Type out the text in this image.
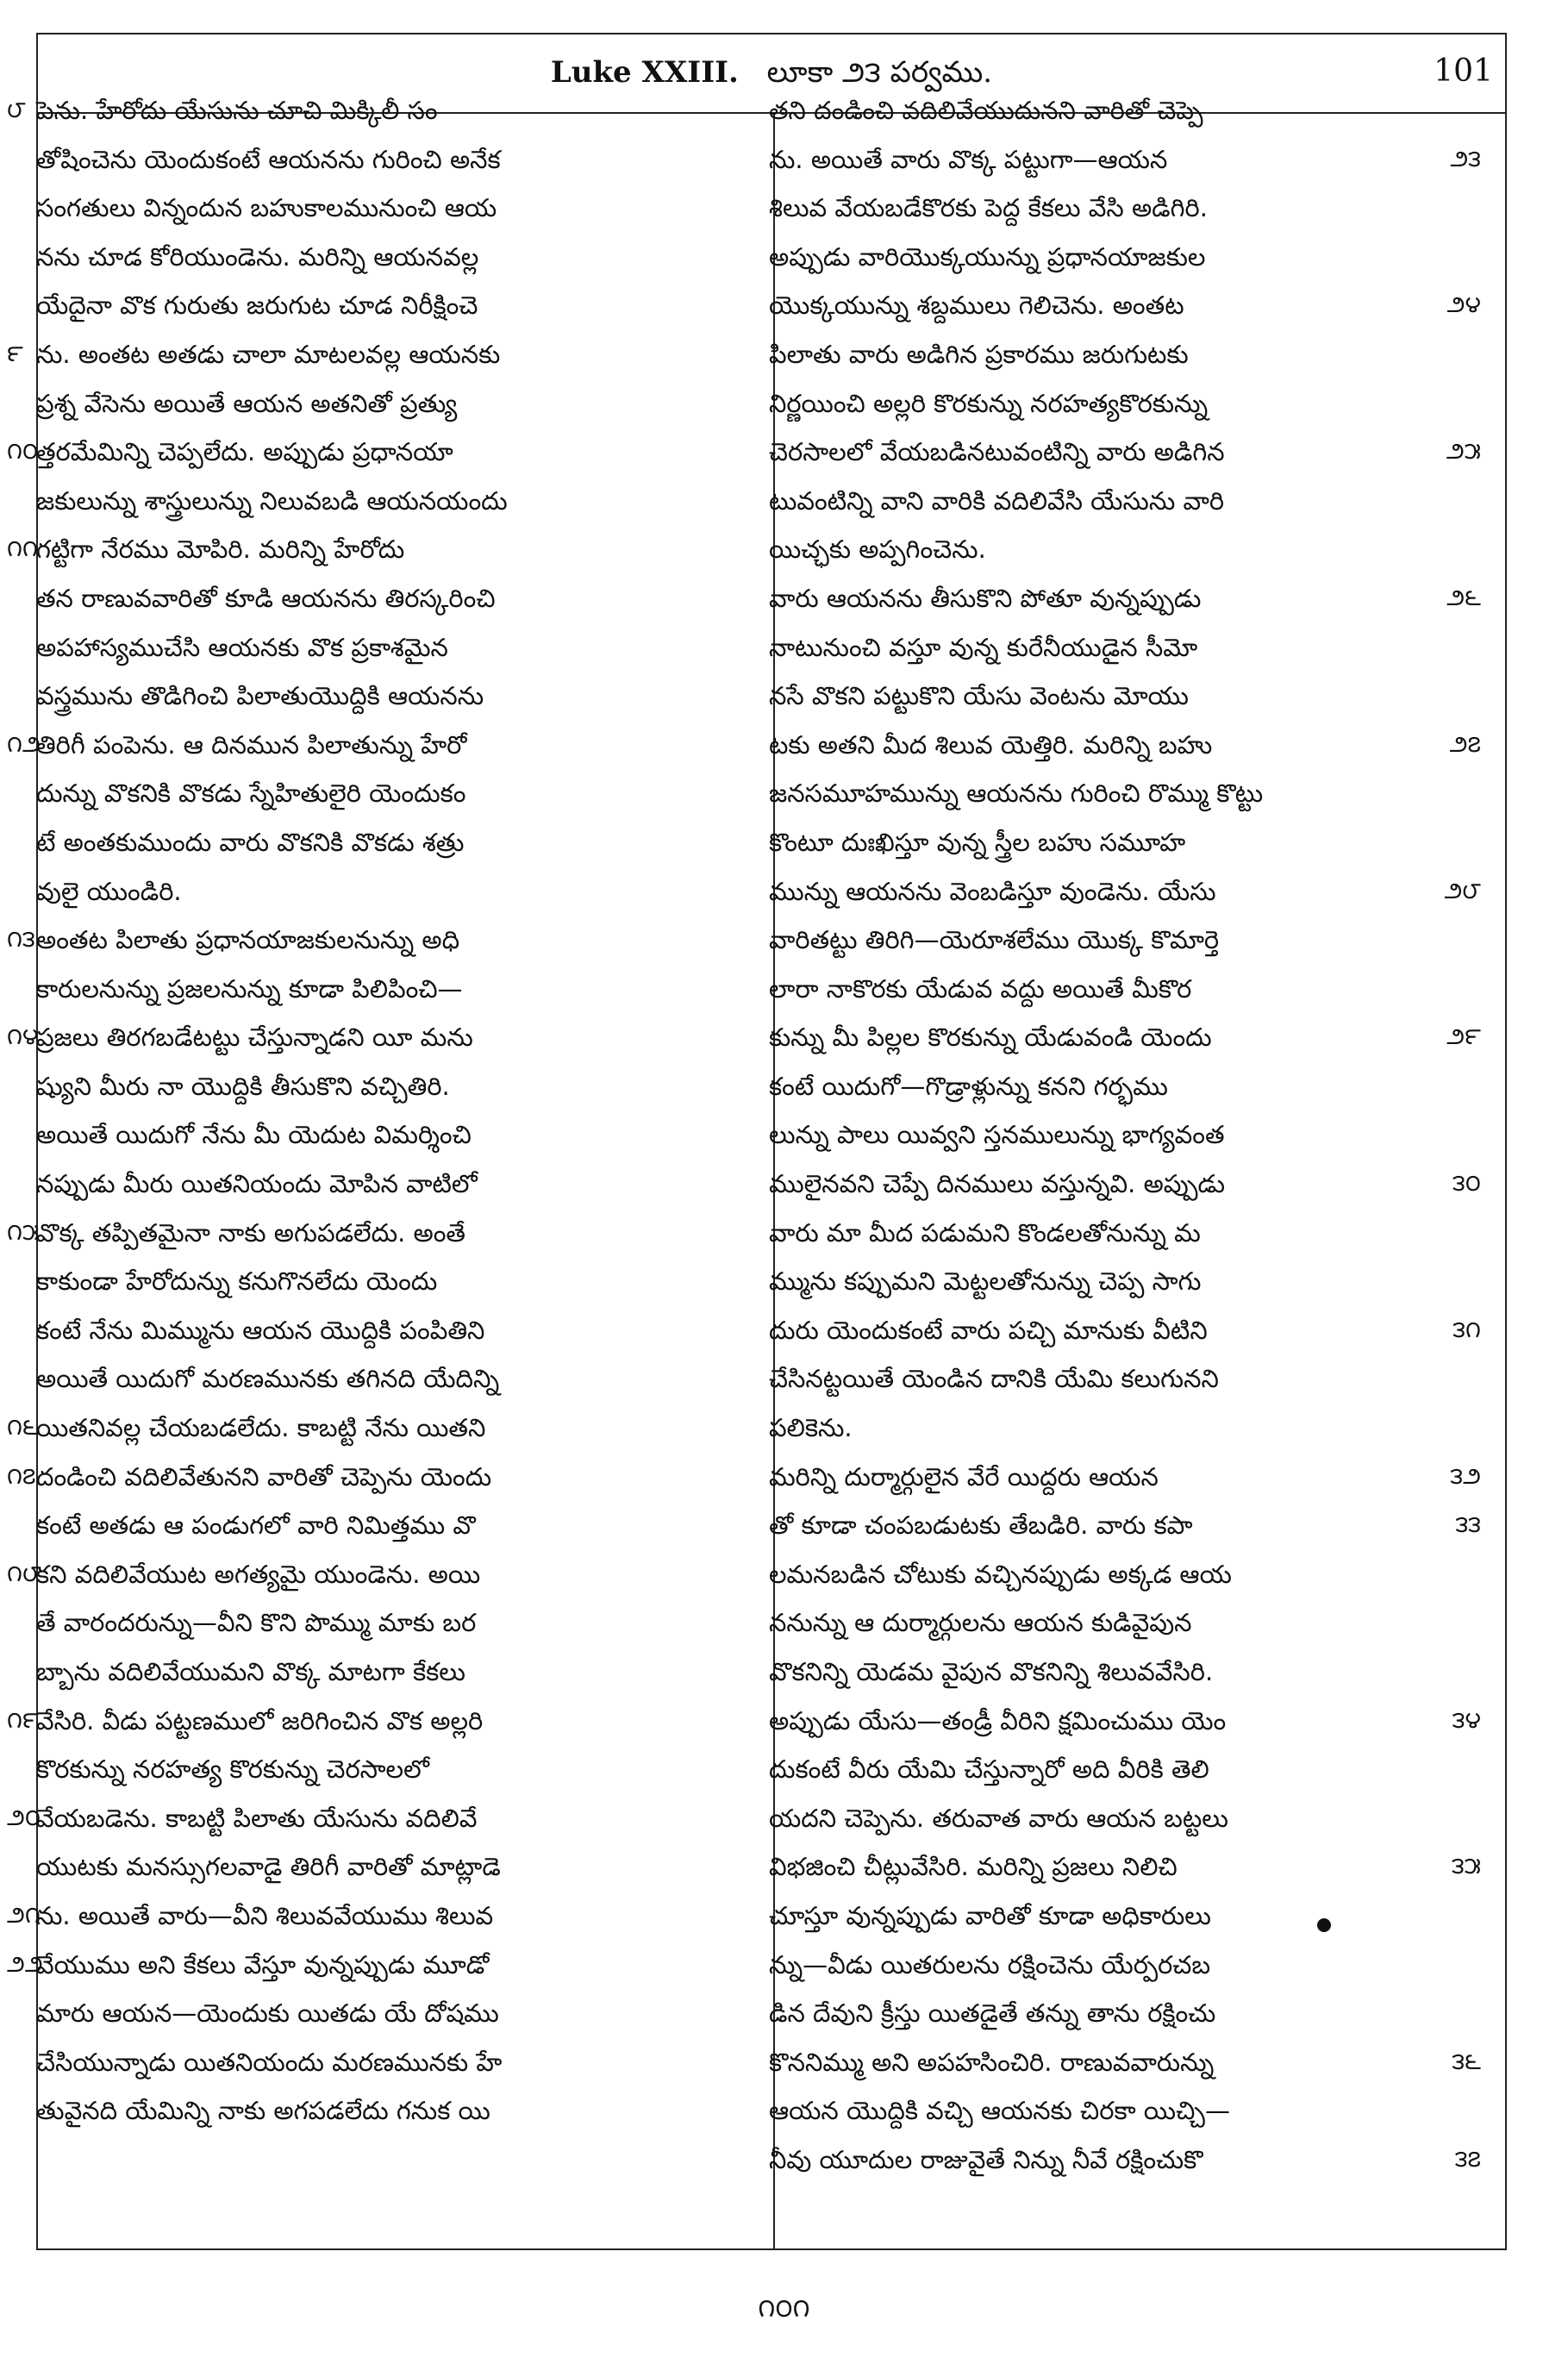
Luke XXIII. లూకా ౨౩ పర్వము.	101
౮ పెను. హేరోదు యేసును చూచి మిక్కిలీ సం
తోషించెను యెందుకంటే ఆయనను గురించి అనేక
సంగతులు విన్నందున బహుకాలమునుంచి ఆయ
నను చూడ కోరియుండెను. మరిన్ని ఆయనవల్ల
యేదైనా వొక గురుతు జరుగుట చూడ నిరీక్షించె
౯ ను. అంతట అతడు చాలా మాటలవల్ల ఆయనకు
ప్రశ్న వేసెను అయితే ఆయన అతనితో ప్రత్యు
౧౦
త్తరమేమిన్ని చెప్పలేదు. అప్పుడు ప్రధానయా
జకులున్ను శాస్త్రులున్ను నిలువబడి ఆయనయందు
౧౧
గట్టిగా నేరము మోపిరి. మరిన్ని హేరోదు
తన రాణువవారితో కూడి ఆయనను తిరస్కరించి
అపహాస్యముచేసి ఆయనకు వొక ప్రకాశమైన
వస్త్రమును తొడిగించి పిలాతుయొద్దికి ఆయనను
౧౨
తిరిగీ పంపెను. ఆ దినమున పిలాతున్ను హేరో
దున్ను వొకనికి వొకడు స్నేహితులైరి యెందుకం
టే అంతకుముందు వారు వొకనికి వొకడు శత్రు
వులై యుండిరి.
౧౩ అంతట పిలాతు ప్రధానయాజకులనున్ను అధి
కారులనున్ను ప్రజలనున్ను కూడా పిలిపించి—
౧౪
ప్రజలు తిరగబడేటట్టు చేస్తున్నాడని యీ మను
ష్యుని మీరు నా యొద్దికి తీసుకొని వచ్చితిరి.
అయితే యిదుగో నేను మీ యెదుట విమర్శించి
నప్పుడు మీరు యితనియందు మోపిన వాటిలో
౧౫
వొక్క తప్పితమైనా నాకు అగుపడలేదు. అంతే
కాకుండా హేరోదున్ను కనుగొనలేదు యెందు
కంటే నేను మిమ్మును ఆయన యొద్దికి పంపితిని
అయితే యిదుగో మరణమునకు తగినది యేదిన్ని
౧౬
యితనివల్ల చేయబడలేదు. కాబట్టి నేను యితని
౧౭ దండించి వదిలివేతునని వారితో చెప్పెను యెందు
కంటే అతడు ఆ పండుగలో వారి నిమిత్తము వొ
౧౮
కని వదిలివేయుట అగత్యమై యుండెను. అయి
తే వారందరున్ను—వీని కొని పొమ్ము మాకు బర
బ్బాను వదిలివేయుమని వొక్క మాటగా కేకలు
౧౯
వేసిరి. వీడు పట్టణములో జరిగించిన వొక అల్లరి
కొరకున్ను నరహత్య కొరకున్ను చెరసాలలో
౨౦
వేయబడెను. కాబట్టి పిలాతు యేసును వదిలివే
యుటకు మనస్సుగలవాడై తిరిగీ వారితో మాట్లాడె
౨౧
ను. అయితే వారు—వీని శిలువవేయుము శిలువ
౨౨
వేయుము అని కేకలు వేస్తూ వున్నప్పుడు మూడో
మారు ఆయన—యెందుకు యితడు యే దోషము
చేసియున్నాడు యితనియందు మరణమునకు హే
తువైనది యేమిన్ని నాకు అగపడలేదు గనుక యి
తని దండించి వదిలివేయుదునని వారితో చెప్పె
౨౩
ను. అయితే వారు వొక్క పట్టుగా—ఆయన
శిలువ వేయబడేకొరకు పెద్ద కేకలు వేసి అడిగిరి.
అప్పుడు వారియొక్కయున్ను ప్రధానయాజకుల
౨౪
యొక్కయున్ను శబ్దములు గెలిచెను. అంతట
పిలాతు వారు అడిగిన ప్రకారము జరుగుటకు
నిర్ణయించి అల్లరి కొరకున్ను నరహత్యకొరకున్ను
౨౫
చెరసాలలో వేయబడినటువంటిన్ని వారు అడిగిన
టువంటిన్ని వాని వారికి వదిలివేసి యేసును వారి
యిచ్ఛకు అప్పగించెను.
౨౬
వారు ఆయనను తీసుకొని పోతూ వున్నప్పుడు
నాటునుంచి వస్తూ వున్న కురేనీయుడైన సీమో
నసే వొకని పట్టుకొని యేసు వెంటను మోయు
౨౭
టకు అతని మీద శిలువ యెత్తిరి. మరిన్ని బహు
జనసమూహమున్ను ఆయనను గురించి రొమ్ము కొట్టు
కొంటూ దుఃఖిస్తూ వున్న స్త్రీల బహు సమూహ
౨౮
మున్ను ఆయనను వెంబడిస్తూ వుండెను. యేసు
వారితట్టు తిరిగి—యెరూశలేము యొక్క కొమార్తె
లారా నాకొరకు యేడువ వద్దు అయితే మీకొర
౨౯
కున్ను మీ పిల్లల కొరకున్ను యేడువండి యెందు
కంటే యిదుగో—గొడ్రాళ్లున్ను కనని గర్భము
లున్ను పాలు యివ్వని స్తనములున్ను భాగ్యవంత
౩౦
ములైనవని చెప్పే దినములు వస్తున్నవి. అప్పుడు
వారు మా మీద పడుమని కొండలతోనున్ను మ
మ్మును కప్పుమని మెట్టలతోనున్ను చెప్ప సాగు
౩౧
దురు యెందుకంటే వారు పచ్చి మానుకు వీటిని
చేసినట్టయితే యెండిన దానికి యేమి కలుగునని
పలికెను.
౩౨
మరిన్ని దుర్మార్గులైన వేరే యిద్దరు ఆయన
౩౩
తో కూడా చంపబడుటకు తేబడిరి. వారు కపా
లమనబడిన చోటుకు వచ్చినప్పుడు అక్కడ ఆయ
ననున్ను ఆ దుర్మార్గులను ఆయన కుడివైపున
వొకనిన్ని యెడమ వైపున వొకనిన్ని శిలువవేసిరి.
౩౪
అప్పుడు యేసు—తండ్రీ వీరిని క్షమించుము యెం
దుకంటే వీరు యేమి చేస్తున్నారో అది వీరికి తెలి
యదని చెప్పెను. తరువాత వారు ఆయన బట్టలు
౩౫
విభజించి చీట్లువేసిరి. మరిన్ని ప్రజలు నిలిచి
చూస్తూ వున్నప్పుడు వారితో కూడా అధికారులు
న్ను—వీడు యితరులను రక్షించెను యేర్పరచబ
డిన దేవుని క్రీస్తు యితడైతే తన్ను తాను రక్షించు
౩౬
కొననిమ్ము అని అపహసించిరి. రాణువవారున్ను
ఆయన యొద్దికి వచ్చి ఆయనకు చిరకా యిచ్చి—
౩౭
నీవు యూదుల రాజువైతే నిన్ను నీవే రక్షించుకొ
౧౦౧
